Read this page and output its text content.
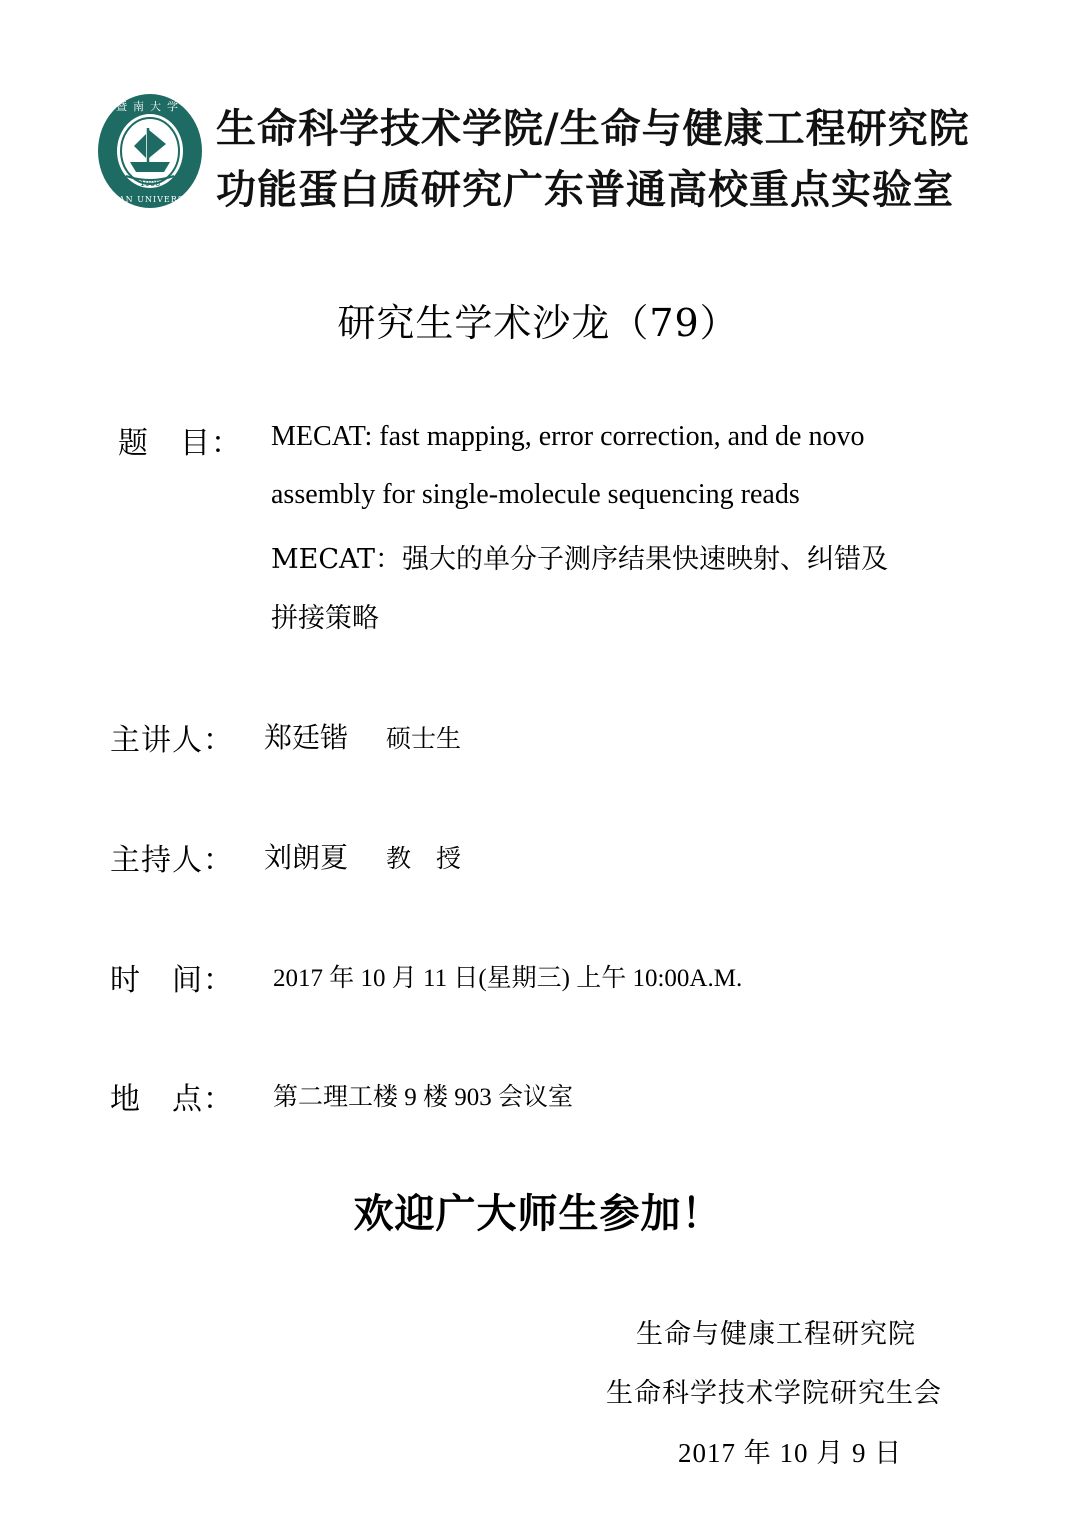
1906
暨南大学
JI NAN UNIVERSITY
生命科学技术学院/生命与健康工程研究院
功能蛋白质研究广东普通高校重点实验室
研究生学术沙龙（79）
题　目： MECAT: fast mapping, error correction, and de novo
assembly for single-molecule sequencing reads
MECAT：强大的单分子测序结果快速映射、纠错及
拼接策略
主讲人： 郑廷锴 硕士生
主持人： 刘朗夏 教　授
时　间： 2017 年 10 月 11 日(星期三) 上午 10:00A.M.
地　点： 第二理工楼 9 楼 903 会议室
欢迎广大师生参加！
生命与健康工程研究院
生命科学技术学院研究生会
2017 年 10 月 9 日
